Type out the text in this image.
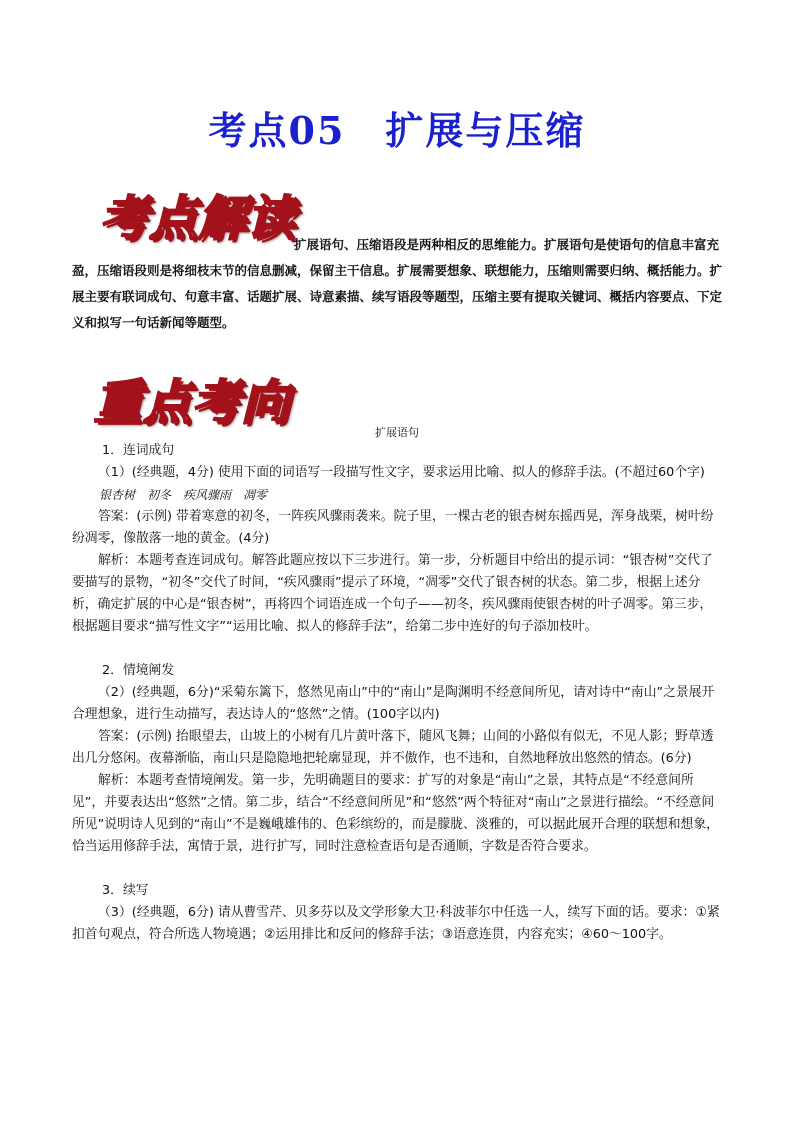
考点05　扩展与压缩
考点解读

扩展语句、压缩语段是两种相反的思维能力。扩展语句是使语句的信息丰富充盈，压缩语段则是将细枝末节的信息删减，保留主干信息。扩展需要想象、联想能力，压缩则需要归纳、概括能力。扩展主要有联词成句、句意丰富、话题扩展、诗意素描、续写语段等题型，压缩主要有提取关键词、概括内容要点、下定义和拟写一句话新闻等题型。

重点考向
扩展语句

1．连词成句

（1）(经典题，4分) 使用下面的词语写一段描写性文字，要求运用比喻、拟人的修辞手法。(不超过60个字)

银杏树　初冬　疾风骤雨　凋零

答案：(示例) 带着寒意的初冬，一阵疾风骤雨袭来。院子里，一棵古老的银杏树东摇西晃，浑身战栗，树叶纷纷凋零，像散落一地的黄金。(4分)

解析：本题考查连词成句。解答此题应按以下三步进行。第一步，分析题目中给出的提示词：“银杏树”交代了要描写的景物，“初冬”交代了时间，“疾风骤雨”提示了环境，“凋零”交代了银杏树的状态。第二步，根据上述分析，确定扩展的中心是“银杏树”，再将四个词语连成一个句子——初冬，疾风骤雨使银杏树的叶子凋零。第三步，根据题目要求“描写性文字”“运用比喻、拟人的修辞手法”，给第二步中连好的句子添加枝叶。

2．情境阐发

（2）(经典题，6分)“采菊东篱下，悠然见南山”中的“南山”是陶渊明不经意间所见，请对诗中“南山”之景展开合理想象，进行生动描写，表达诗人的“悠然”之情。(100字以内)

答案：(示例) 抬眼望去，山坡上的小树有几片黄叶落下，随风飞舞；山间的小路似有似无，不见人影；野草透出几分悠闲。夜幕渐临，南山只是隐隐地把轮廓显现，并不傲作，也不违和，自然地释放出悠然的情态。(6分)

解析：本题考查情境阐发。第一步，先明确题目的要求：扩写的对象是“南山”之景，其特点是“不经意间所见”，并要表达出“悠然”之情。第二步，结合“不经意间所见”和“悠然”两个特征对“南山”之景进行描绘。“不经意间所见”说明诗人见到的“南山”不是巍峨雄伟的、色彩缤纷的，而是朦胧、淡雅的，可以据此展开合理的联想和想象，恰当运用修辞手法，寓情于景，进行扩写，同时注意检查语句是否通顺，字数是否符合要求。

3．续写

（3）(经典题，6分) 请从曹雪芹、贝多芬以及文学形象大卫·科波菲尔中任选一人，续写下面的话。要求：①紧扣首句观点，符合所选人物境遇；②运用排比和反问的修辞手法；③语意连贯，内容充实；④60～100字。
